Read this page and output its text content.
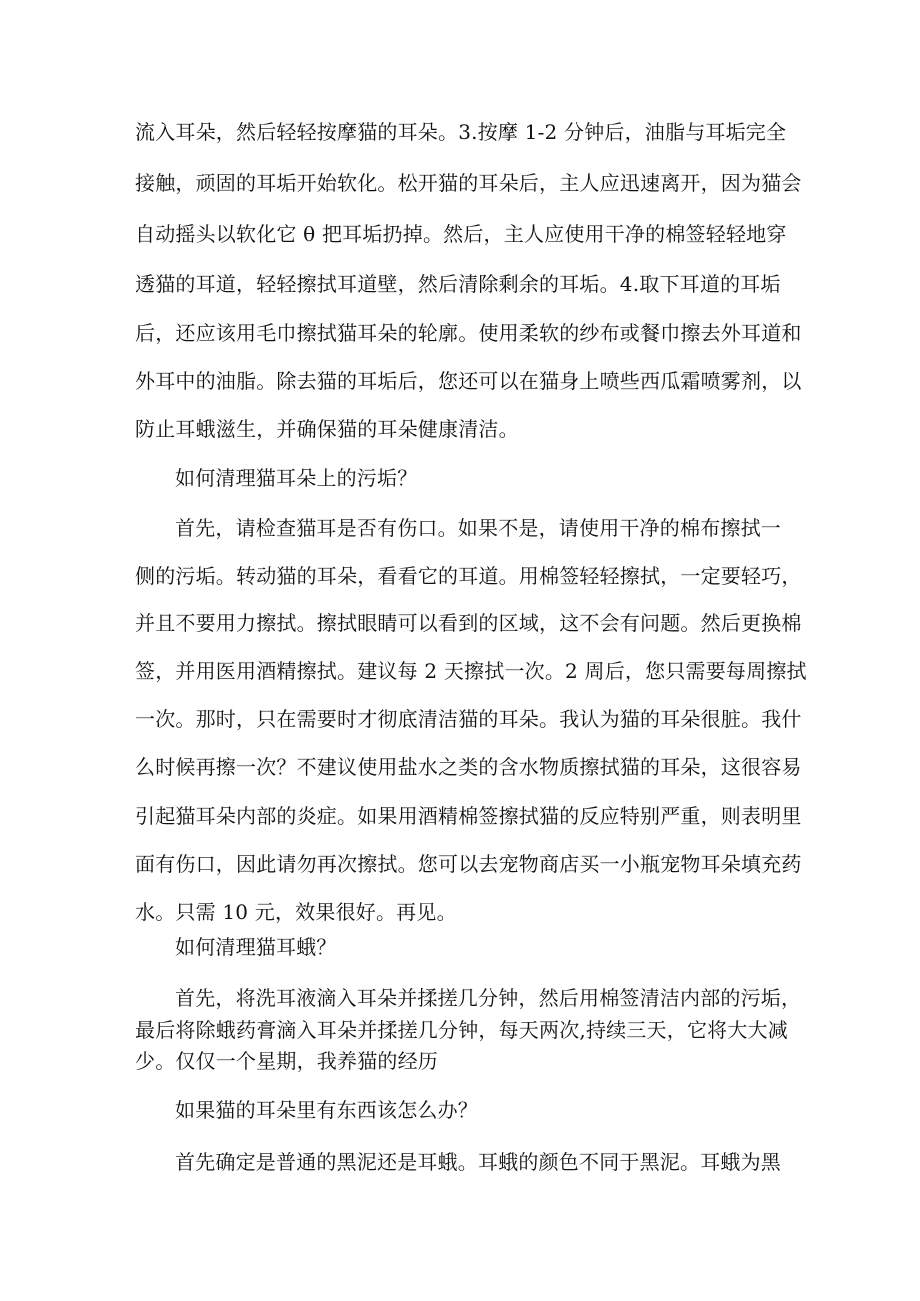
流入耳朵，然后轻轻按摩猫的耳朵。3.按摩 1-2 分钟后，油脂与耳垢完全
接触，顽固的耳垢开始软化。松开猫的耳朵后，主人应迅速离开，因为猫会
自动摇头以软化它 θ 把耳垢扔掉。然后，主人应使用干净的棉签轻轻地穿
透猫的耳道，轻轻擦拭耳道壁，然后清除剩余的耳垢。4.取下耳道的耳垢
后，还应该用毛巾擦拭猫耳朵的轮廓。使用柔软的纱布或餐巾擦去外耳道和
外耳中的油脂。除去猫的耳垢后，您还可以在猫身上喷些西瓜霜喷雾剂，以
防止耳蛾滋生，并确保猫的耳朵健康清洁。
如何清理猫耳朵上的污垢？
首先，请检查猫耳是否有伤口。如果不是，请使用干净的棉布擦拭一
侧的污垢。转动猫的耳朵，看看它的耳道。用棉签轻轻擦拭，一定要轻巧，
并且不要用力擦拭。擦拭眼睛可以看到的区域，这不会有问题。然后更换棉
签，并用医用酒精擦拭。建议每 2 天擦拭一次。2 周后，您只需要每周擦拭
一次。那时，只在需要时才彻底清洁猫的耳朵。我认为猫的耳朵很脏。我什
么时候再擦一次？不建议使用盐水之类的含水物质擦拭猫的耳朵，这很容易
引起猫耳朵内部的炎症。如果用酒精棉签擦拭猫的反应特别严重，则表明里
面有伤口，因此请勿再次擦拭。您可以去宠物商店买一小瓶宠物耳朵填充药
水。只需 10 元，效果很好。再见。
如何清理猫耳蛾？
首先，将洗耳液滴入耳朵并揉搓几分钟，然后用棉签清洁内部的污垢，
最后将除蛾药膏滴入耳朵并揉搓几分钟，每天两次,持续三天，它将大大减
少。仅仅一个星期，我养猫的经历
如果猫的耳朵里有东西该怎么办？
首先确定是普通的黑泥还是耳蛾。耳蛾的颜色不同于黑泥。耳蛾为黑
